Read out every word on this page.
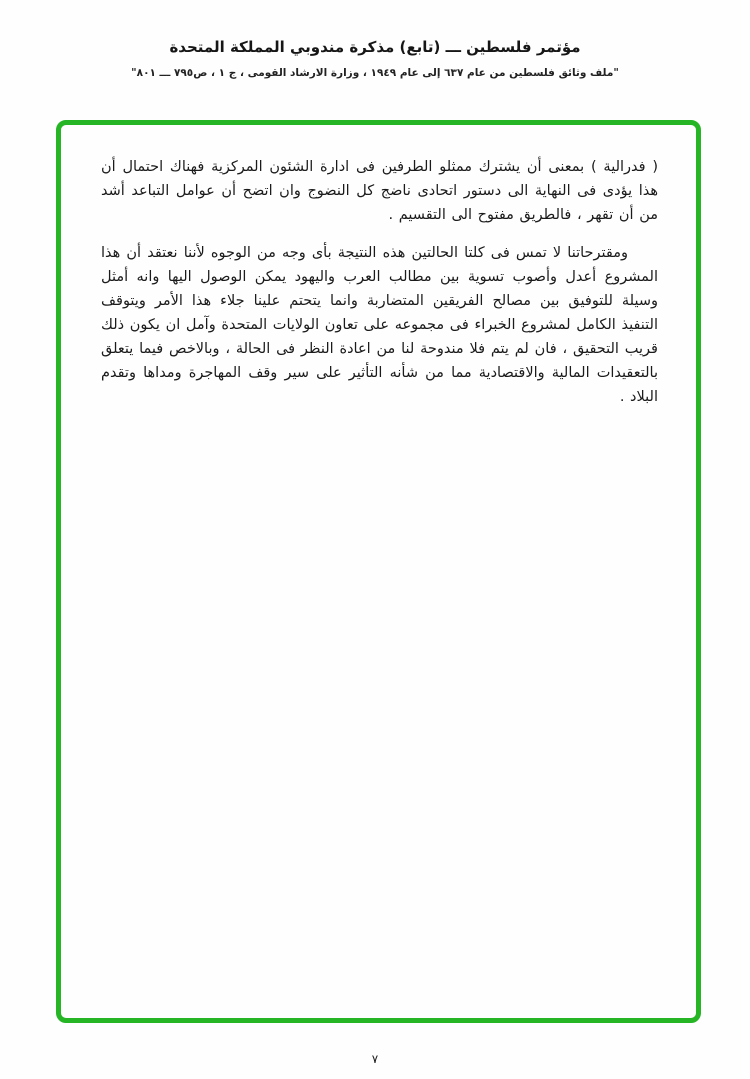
مؤتمر فلسطين ـــ (تابع) مذكرة مندوبي المملكة المتحدة
"ملف وثائق فلسطين من عام ٦٣٧ إلى عام ١٩٤٩ ، وزارة الارشاد القومى ، ج ١ ، ص٧٩٥ ـــ ٨٠١"

( فدرالية ) بمعنى أن يشترك ممثلو الطرفين فى ادارة الشئون المركزية فهناك احتمال أن هذا يؤدى فى النهاية الى دستور اتحادى ناضج كل النضوج وان اتضح أن عوامل التباعد أشد من أن تقهر ، فالطريق مفتوح الى التقسيم .

ومقترحاتنا لا تمس فى كلتا الحالتين هذه النتيجة بأى وجه من الوجوه لأننا نعتقد أن هذا المشروع أعدل وأصوب تسوية بين مطالب العرب واليهود يمكن الوصول اليها وانه أمثل وسيلة للتوفيق بين مصالح الفريقين المتضاربة وانما يتحتم علينا جلاء هذا الأمر ويتوقف التنفيذ الكامل لمشروع الخبراء فى مجموعه على تعاون الولايات المتحدة وآمل ان يكون ذلك قريب التحقيق ، فان لم يتم فلا مندوحة لنا من اعادة النظر فى الحالة ، وبالاخص فيما يتعلق بالتعقيدات المالية والاقتصادية مما من شأنه التأثير على سير وقف المهاجرة ومداها وتقدم البلاد .

٧
